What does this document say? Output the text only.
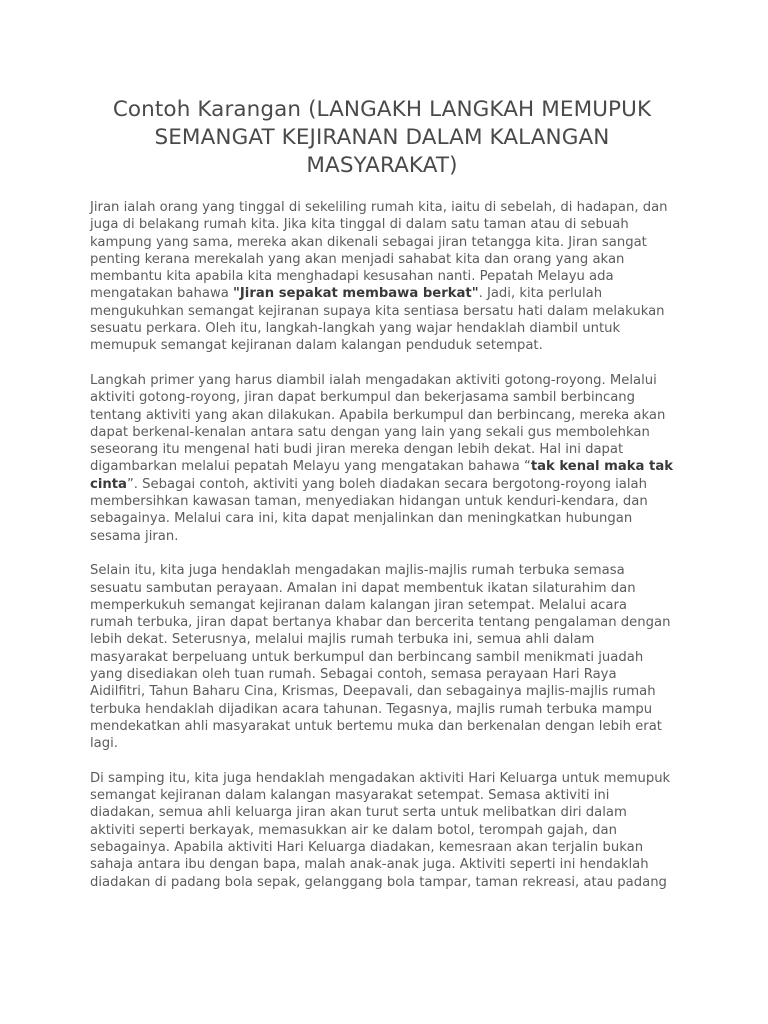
Contoh Karangan (LANGAKH LANGKAH MEMUPUK SEMANGAT KEJIRANAN DALAM KALANGAN MASYARAKAT)

Jiran ialah orang yang tinggal di sekeliling rumah kita, iaitu di sebelah, di hadapan, dan juga di belakang rumah kita. Jika kita tinggal di dalam satu taman atau di sebuah kampung yang sama, mereka akan dikenali sebagai jiran tetangga kita. Jiran sangat penting kerana merekalah yang akan menjadi sahabat kita dan orang yang akan membantu kita apabila kita menghadapi kesusahan nanti. Pepatah Melayu ada mengatakan bahawa "Jiran sepakat membawa berkat". Jadi, kita perlulah mengukuhkan semangat kejiranan supaya kita sentiasa bersatu hati dalam melakukan sesuatu perkara. Oleh itu, langkah-langkah yang wajar hendaklah diambil untuk memupuk semangat kejiranan dalam kalangan penduduk setempat.

Langkah primer yang harus diambil ialah mengadakan aktiviti gotong-royong. Melalui aktiviti gotong-royong, jiran dapat berkumpul dan bekerjasama sambil berbincang tentang aktiviti yang akan dilakukan. Apabila berkumpul dan berbincang, mereka akan dapat berkenal-kenalan antara satu dengan yang lain yang sekali gus membolehkan seseorang itu mengenal hati budi jiran mereka dengan lebih dekat. Hal ini dapat digambarkan melalui pepatah Melayu yang mengatakan bahawa “tak kenal maka tak cinta”. Sebagai contoh, aktiviti yang boleh diadakan secara bergotong-royong ialah membersihkan kawasan taman, menyediakan hidangan untuk kenduri-kendara, dan sebagainya. Melalui cara ini, kita dapat menjalinkan dan meningkatkan hubungan sesama jiran.

Selain itu, kita juga hendaklah mengadakan majlis-majlis rumah terbuka semasa sesuatu sambutan perayaan. Amalan ini dapat membentuk ikatan silaturahim dan memperkukuh semangat kejiranan dalam kalangan jiran setempat. Melalui acara rumah terbuka, jiran dapat bertanya khabar dan bercerita tentang pengalaman dengan lebih dekat. Seterusnya, melalui majlis rumah terbuka ini, semua ahli dalam masyarakat berpeluang untuk berkumpul dan berbincang sambil menikmati juadah yang disediakan oleh tuan rumah. Sebagai contoh, semasa perayaan Hari Raya Aidilfitri, Tahun Baharu Cina, Krismas, Deepavali, dan sebagainya majlis-majlis rumah terbuka hendaklah dijadikan acara tahunan. Tegasnya, majlis rumah terbuka mampu mendekatkan ahli masyarakat untuk bertemu muka dan berkenalan dengan lebih erat lagi.

Di samping itu, kita juga hendaklah mengadakan aktiviti Hari Keluarga untuk memupuk semangat kejiranan dalam kalangan masyarakat setempat. Semasa aktiviti ini diadakan, semua ahli keluarga jiran akan turut serta untuk melibatkan diri dalam aktiviti seperti berkayak, memasukkan air ke dalam botol, terompah gajah, dan sebagainya. Apabila aktiviti Hari Keluarga diadakan, kemesraan akan terjalin bukan sahaja antara ibu dengan bapa, malah anak-anak juga. Aktiviti seperti ini hendaklah diadakan di padang bola sepak, gelanggang bola tampar, taman rekreasi, atau padang
